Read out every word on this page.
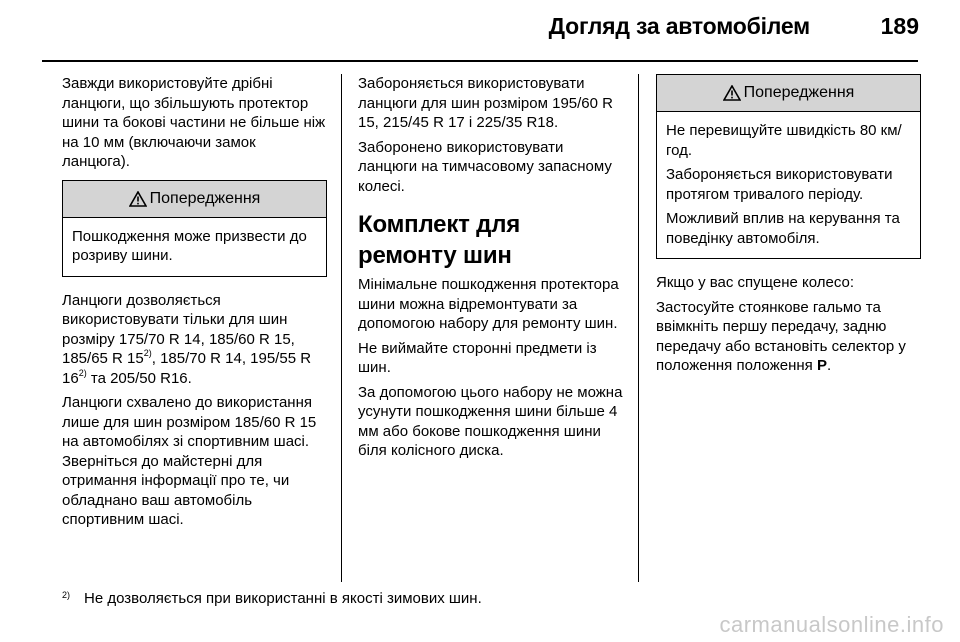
Догляд за автомобілем	189

Завжди використовуйте дрібні ланцюги, що збільшують протектор шини та бокові частини не більше ніж на 10 мм (включаючи замок ланцюга).

Попередження

Пошкодження може призвести до розриву шини.

Ланцюги дозволяється використовувати тільки для шин розміру 175/70 R 14, 185/60 R 15, 185/65 R 15$^{2)}$, 185/70 R 14, 195/55 R 16$^{2)}$ та 205/50 R16.

Ланцюги схвалено до використання лише для шин розміром 185/60 R 15 на автомобілях зі спортивним шасі. Зверніться до майстерні для отримання інформації про те, чи обладнано ваш автомобіль спортивним шасі.

Забороняється використовувати ланцюги для шин розміром 195/60 R 15, 215/45 R 17 і 225/35 R18.

Заборонено використовувати ланцюги на тимчасовому запасному колесі.

Комплект для ремонту шин

Мінімальне пошкодження протектора шини можна відремонтувати за допомогою набору для ремонту шин.

Не виймайте сторонні предмети із шин.

За допомогою цього набору не можна усунути пошкодження шини більше 4 мм або бокове пошкодження шини біля колісного диска.

Попередження

Не перевищуйте швидкість 80 км/год.

Забороняється використовувати протягом тривалого періоду.

Можливий вплив на керування та поведінку автомобіля.

Якщо у вас спущене колесо:

Застосуйте стоянкове гальмо та ввімкніть першу передачу, задню передачу або встановіть селектор у положення положення P.

$^{2)}$ Не дозволяється при використанні в якості зимових шин.
carmanualsonline.info
